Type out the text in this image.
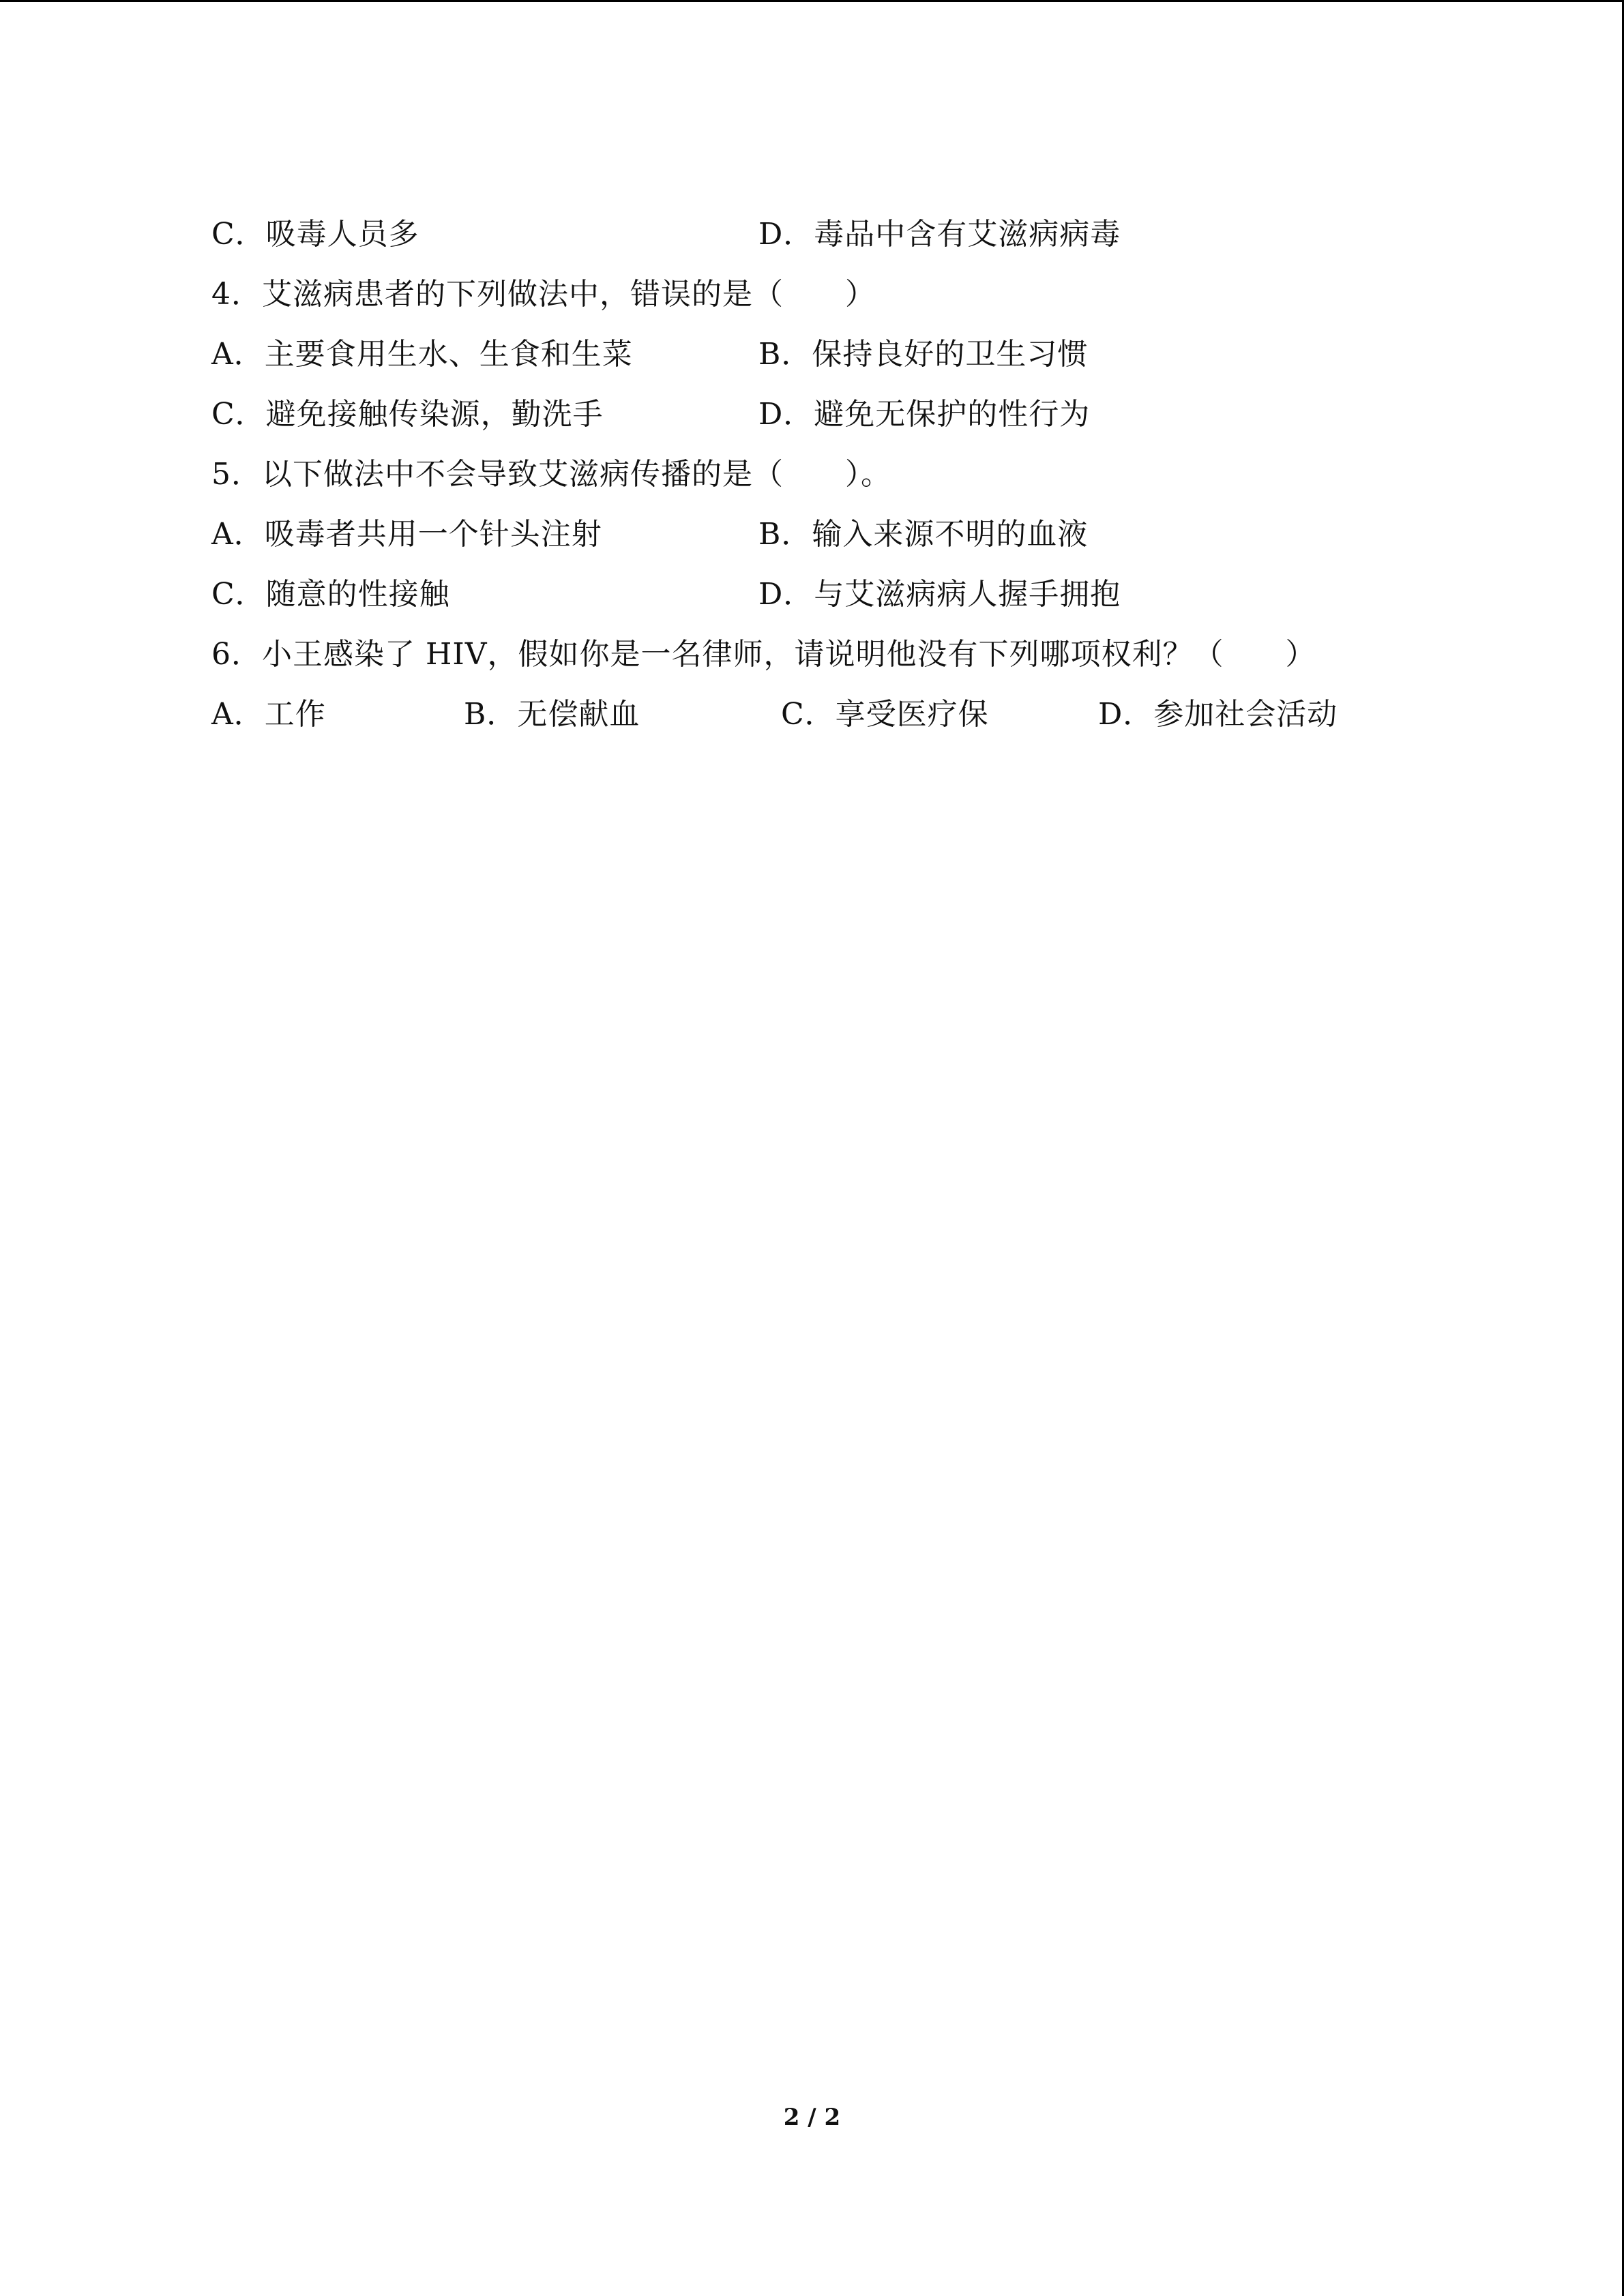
C．吸毒人员多	D．毒品中含有艾滋病病毒
4．艾滋病患者的下列做法中，错误的是（　　）
A．主要食用生水、生食和生菜	B．保持良好的卫生习惯
C．避免接触传染源，勤洗手	D．避免无保护的性行为
5．以下做法中不会导致艾滋病传播的是（　　）。
A．吸毒者共用一个针头注射	B．输入来源不明的血液
C．随意的性接触	D．与艾滋病病人握手拥抱
6．小王感染了 HIV，假如你是一名律师，请说明他没有下列哪项权利？（　　）
A．工作	B．无偿献血	C．享受医疗保	D．参加社会活动
2 / 2
